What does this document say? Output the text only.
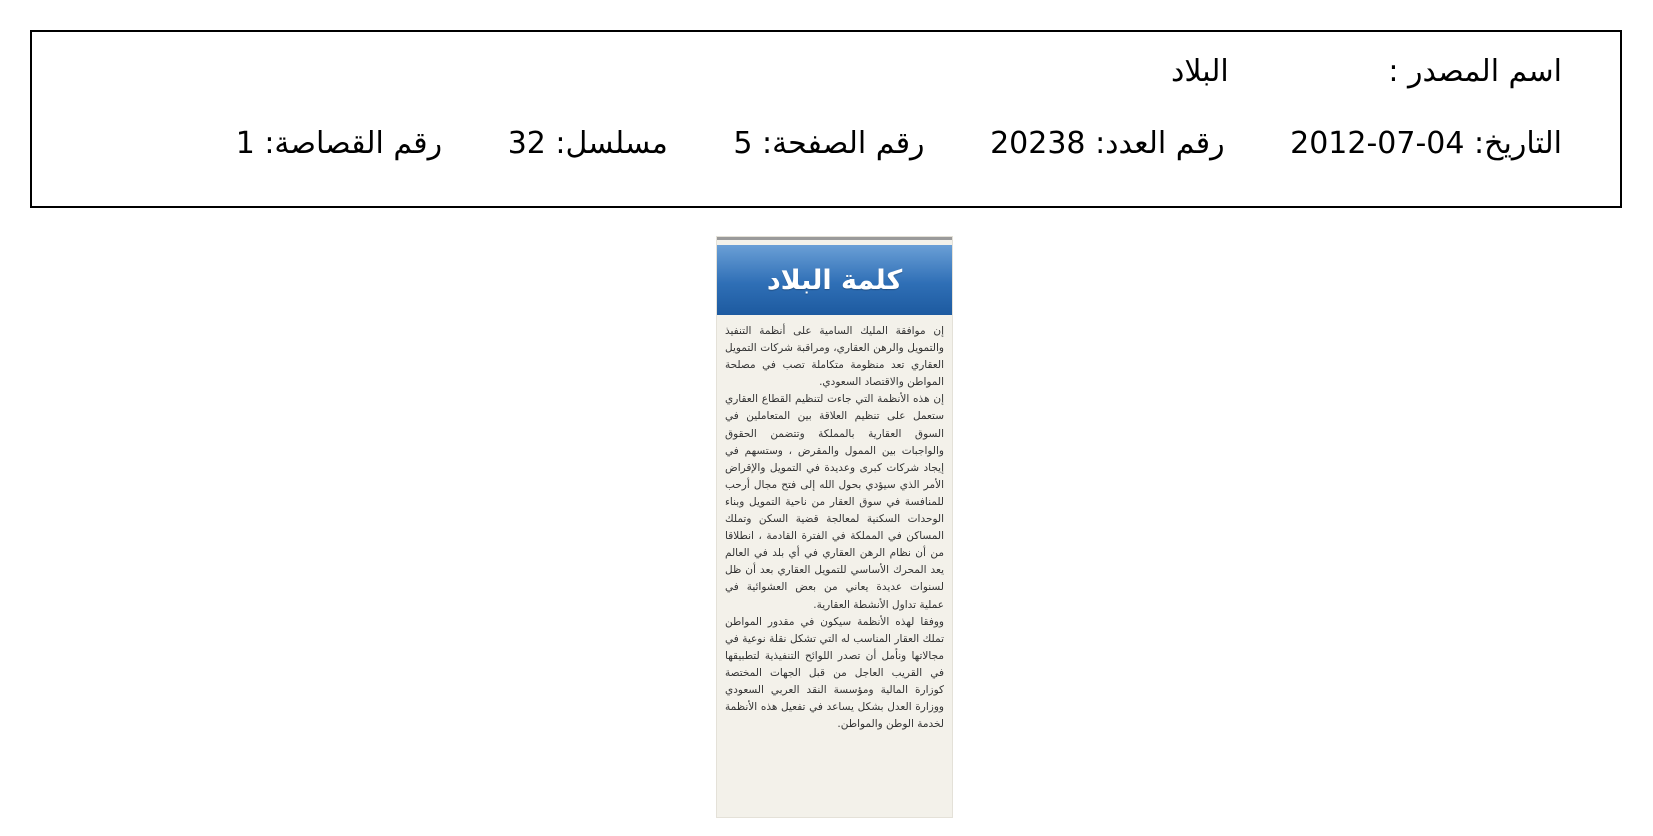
اسم المصدر : البلاد
التاريخ: 2012-07-04 رقم العدد: 20238 رقم الصفحة: 5 مسلسل: 32 رقم القصاصة: 1
كلمة البلاد

إن موافقة المليك السامية على أنظمة التنفيذ والتمويل والرهن العقاري، ومراقبة شركات التمويل العقاري تعد منظومة متكاملة تصب في مصلحة المواطن والاقتصاد السعودي.

إن هذه الأنظمة التي جاءت لتنظيم القطاع العقاري ستعمل على تنظيم العلاقة بين المتعاملين في السوق العقارية بالمملكة وتتضمن الحقوق والواجبات بين الممول والمقرض ، وستسهم في إيجاد شركات كبرى وعديدة في التمويل والإقراض الأمر الذي سيؤدي بحول الله إلى فتح مجال أرحب للمنافسة في سوق العقار من ناحية التمويل وبناء الوحدات السكنية لمعالجة قضية السكن وتملك المساكن في المملكة في الفترة القادمة ، انطلاقا من أن نظام الرهن العقاري في أي بلد في العالم يعد المحرك الأساسي للتمويل العقاري بعد أن ظل لسنوات عديدة يعاني من بعض العشوائية في عملية تداول الأنشطة العقارية.

ووفقا لهذه الأنظمة سيكون في مقدور المواطن تملك العقار المناسب له التي تشكل نقلة نوعية في مجالاتها ونأمل أن تصدر اللوائح التنفيذية لتطبيقها في القريب العاجل من قبل الجهات المختصة كوزارة المالية ومؤسسة النقد العربي السعودي ووزارة العدل بشكل يساعد في تفعيل هذه الأنظمة لخدمة الوطن والمواطن.
